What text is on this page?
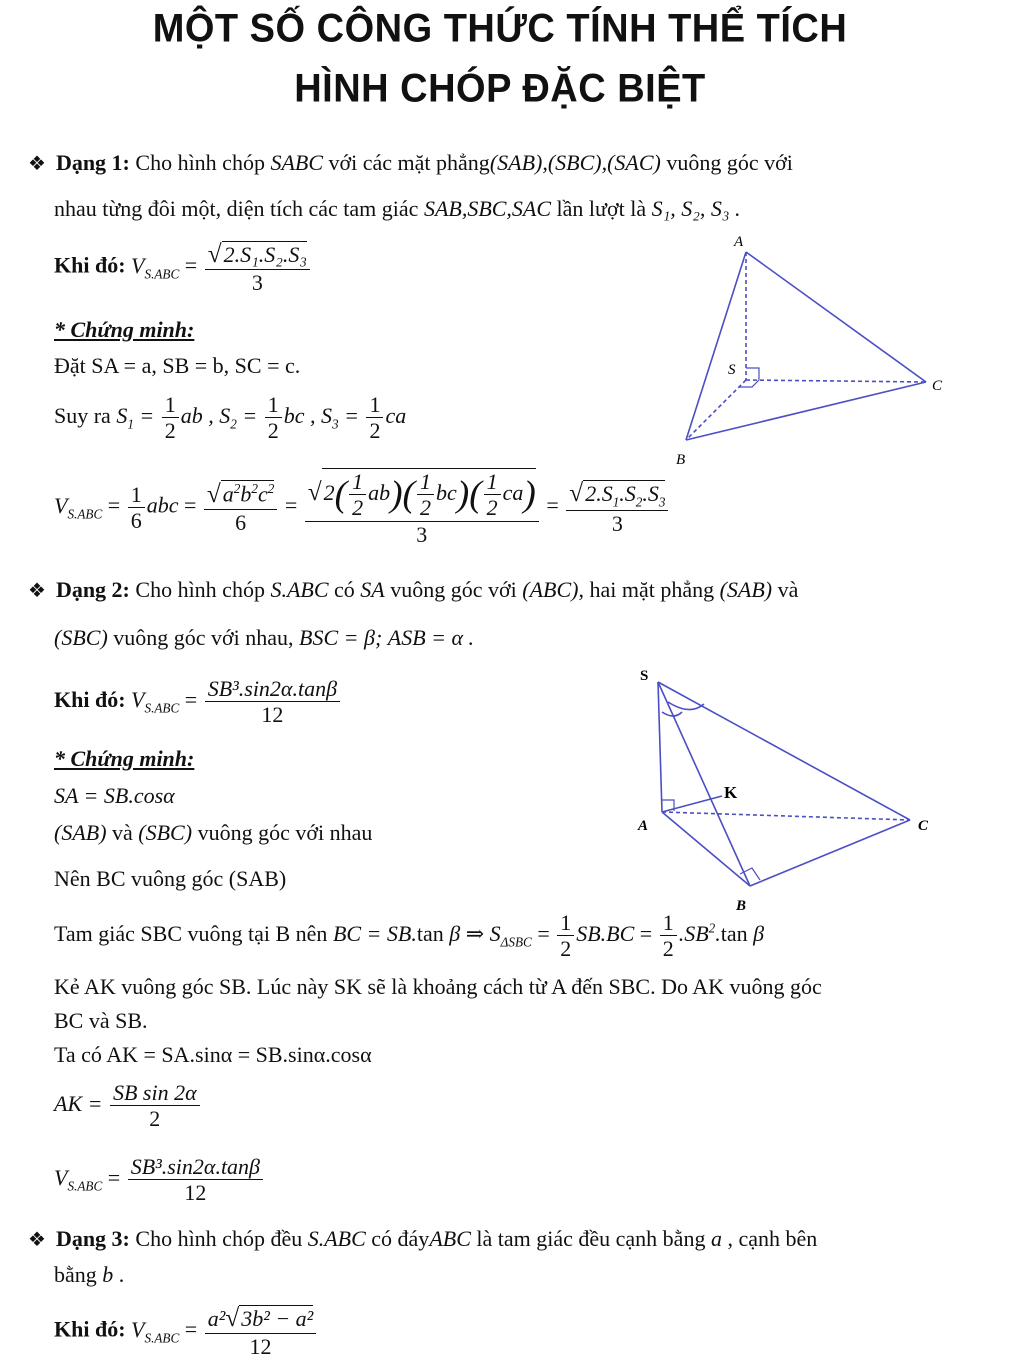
MỘT SỐ CÔNG THỨC TÍNH THỂ TÍCH
HÌNH CHÓP ĐẶC BIỆT
❖ Dạng 1: Cho hình chóp SABC với các mặt phẳng(SAB),(SBC),(SAC) vuông góc với
nhau từng đôi một, diện tích các tam giác SAB,SBC,SAC lần lượt là S₁, S₂, S₃ .
Khi đó: $V_{S.ABC} = \frac{\text{√2.S₁.S₂.S₃}}{3}$
* Chứng minh:
Đặt SA = a, SB = b, SC = c.
Suy ra $S_1 = \frac{1}{2}$ ab , $S_2 = \frac{1}{2}$ bc , $S_3 = \frac{1}{2}$ ca
$V_{S.ABC} = \frac{1}{6}$ abc = $\frac{√a^2b^2c^2}{6} = \frac{√2( \frac{1}{2} ab)( \frac{1}{2} bc)( \frac{1}{2} ca)}{3} = \frac{√2.S_1.S_2.S_3}{3}$
A
S
B
C
❖ Dạng 2: Cho hình chóp S.ABC có SA vuông góc với (ABC), hai mặt phẳng (SAB) và
(SBC) vuông góc với nhau, BSC = β; ASB = α .
Khi đó: $V_{S.ABC} = \frac{\text{SB³.sin2α.tanβ}}{12}$
* Chứng minh:
SA = SB.cosα
(SAB) và (SBC) vuông góc với nhau
Nên BC vuông góc (SAB)
Tam giác SBC vuông tại B nên BC = SB.tan β ⇒ $S_{\Delta SBC} = \frac{1}{2} SB.BC = \frac{1}{2} .SB^2.\tan$ β
Kẻ AK vuông góc SB. Lúc này SK sẽ là khoảng cách từ A đến SBC. Do AK vuông góc
BC và SB.
Ta có AK = SA.sinα = SB.sinα.cosα
AK = $\frac{\text{SB sin 2α}}{2}$
$V_{S.ABC} = \frac{\text{SB³.sin2α.tanβ}}{12}$
S
K
A	C
B
❖ Dạng 3: Cho hình chóp đều S.ABC có đáyABC là tam giác đều cạnh bằng a , cạnh bên
bằng b .
Khi đó: $V_{S.ABC} = \frac{\text{a²√3b² − a²}}{12}$
